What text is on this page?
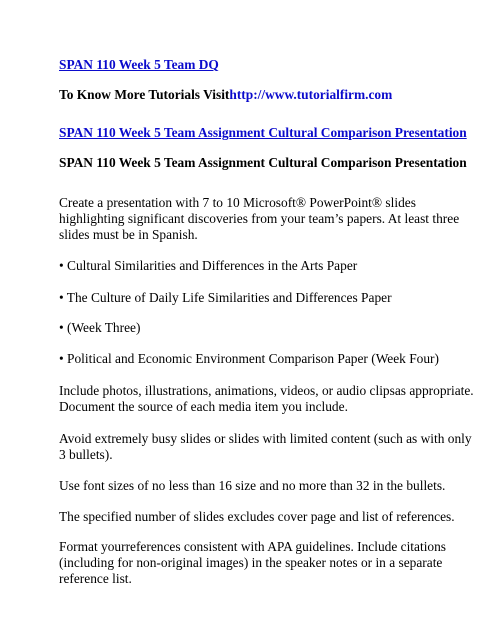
SPAN 110 Week 5 Team DQ
To Know More Tutorials Visithttp://www.tutorialfirm.com
SPAN 110 Week 5 Team Assignment Cultural Comparison Presentation
SPAN 110 Week 5 Team Assignment Cultural Comparison Presentation
Create a presentation with 7 to 10 Microsoft® PowerPoint® slides highlighting significant discoveries from your team’s papers. At least three slides must be in Spanish.
• Cultural Similarities and Differences in the Arts Paper
• The Culture of Daily Life Similarities and Differences Paper
• (Week Three)
• Political and Economic Environment Comparison Paper (Week Four)
Include photos, illustrations, animations, videos, or audio clipsas appropriate. Document the source of each media item you include.
Avoid extremely busy slides or slides with limited content (such as with only 3 bullets).
Use font sizes of no less than 16 size and no more than 32 in the bullets.
The specified number of slides excludes cover page and list of references.
Format yourreferences consistent with APA guidelines. Include citations (including for non-original images) in the speaker notes or in a separate reference list.
